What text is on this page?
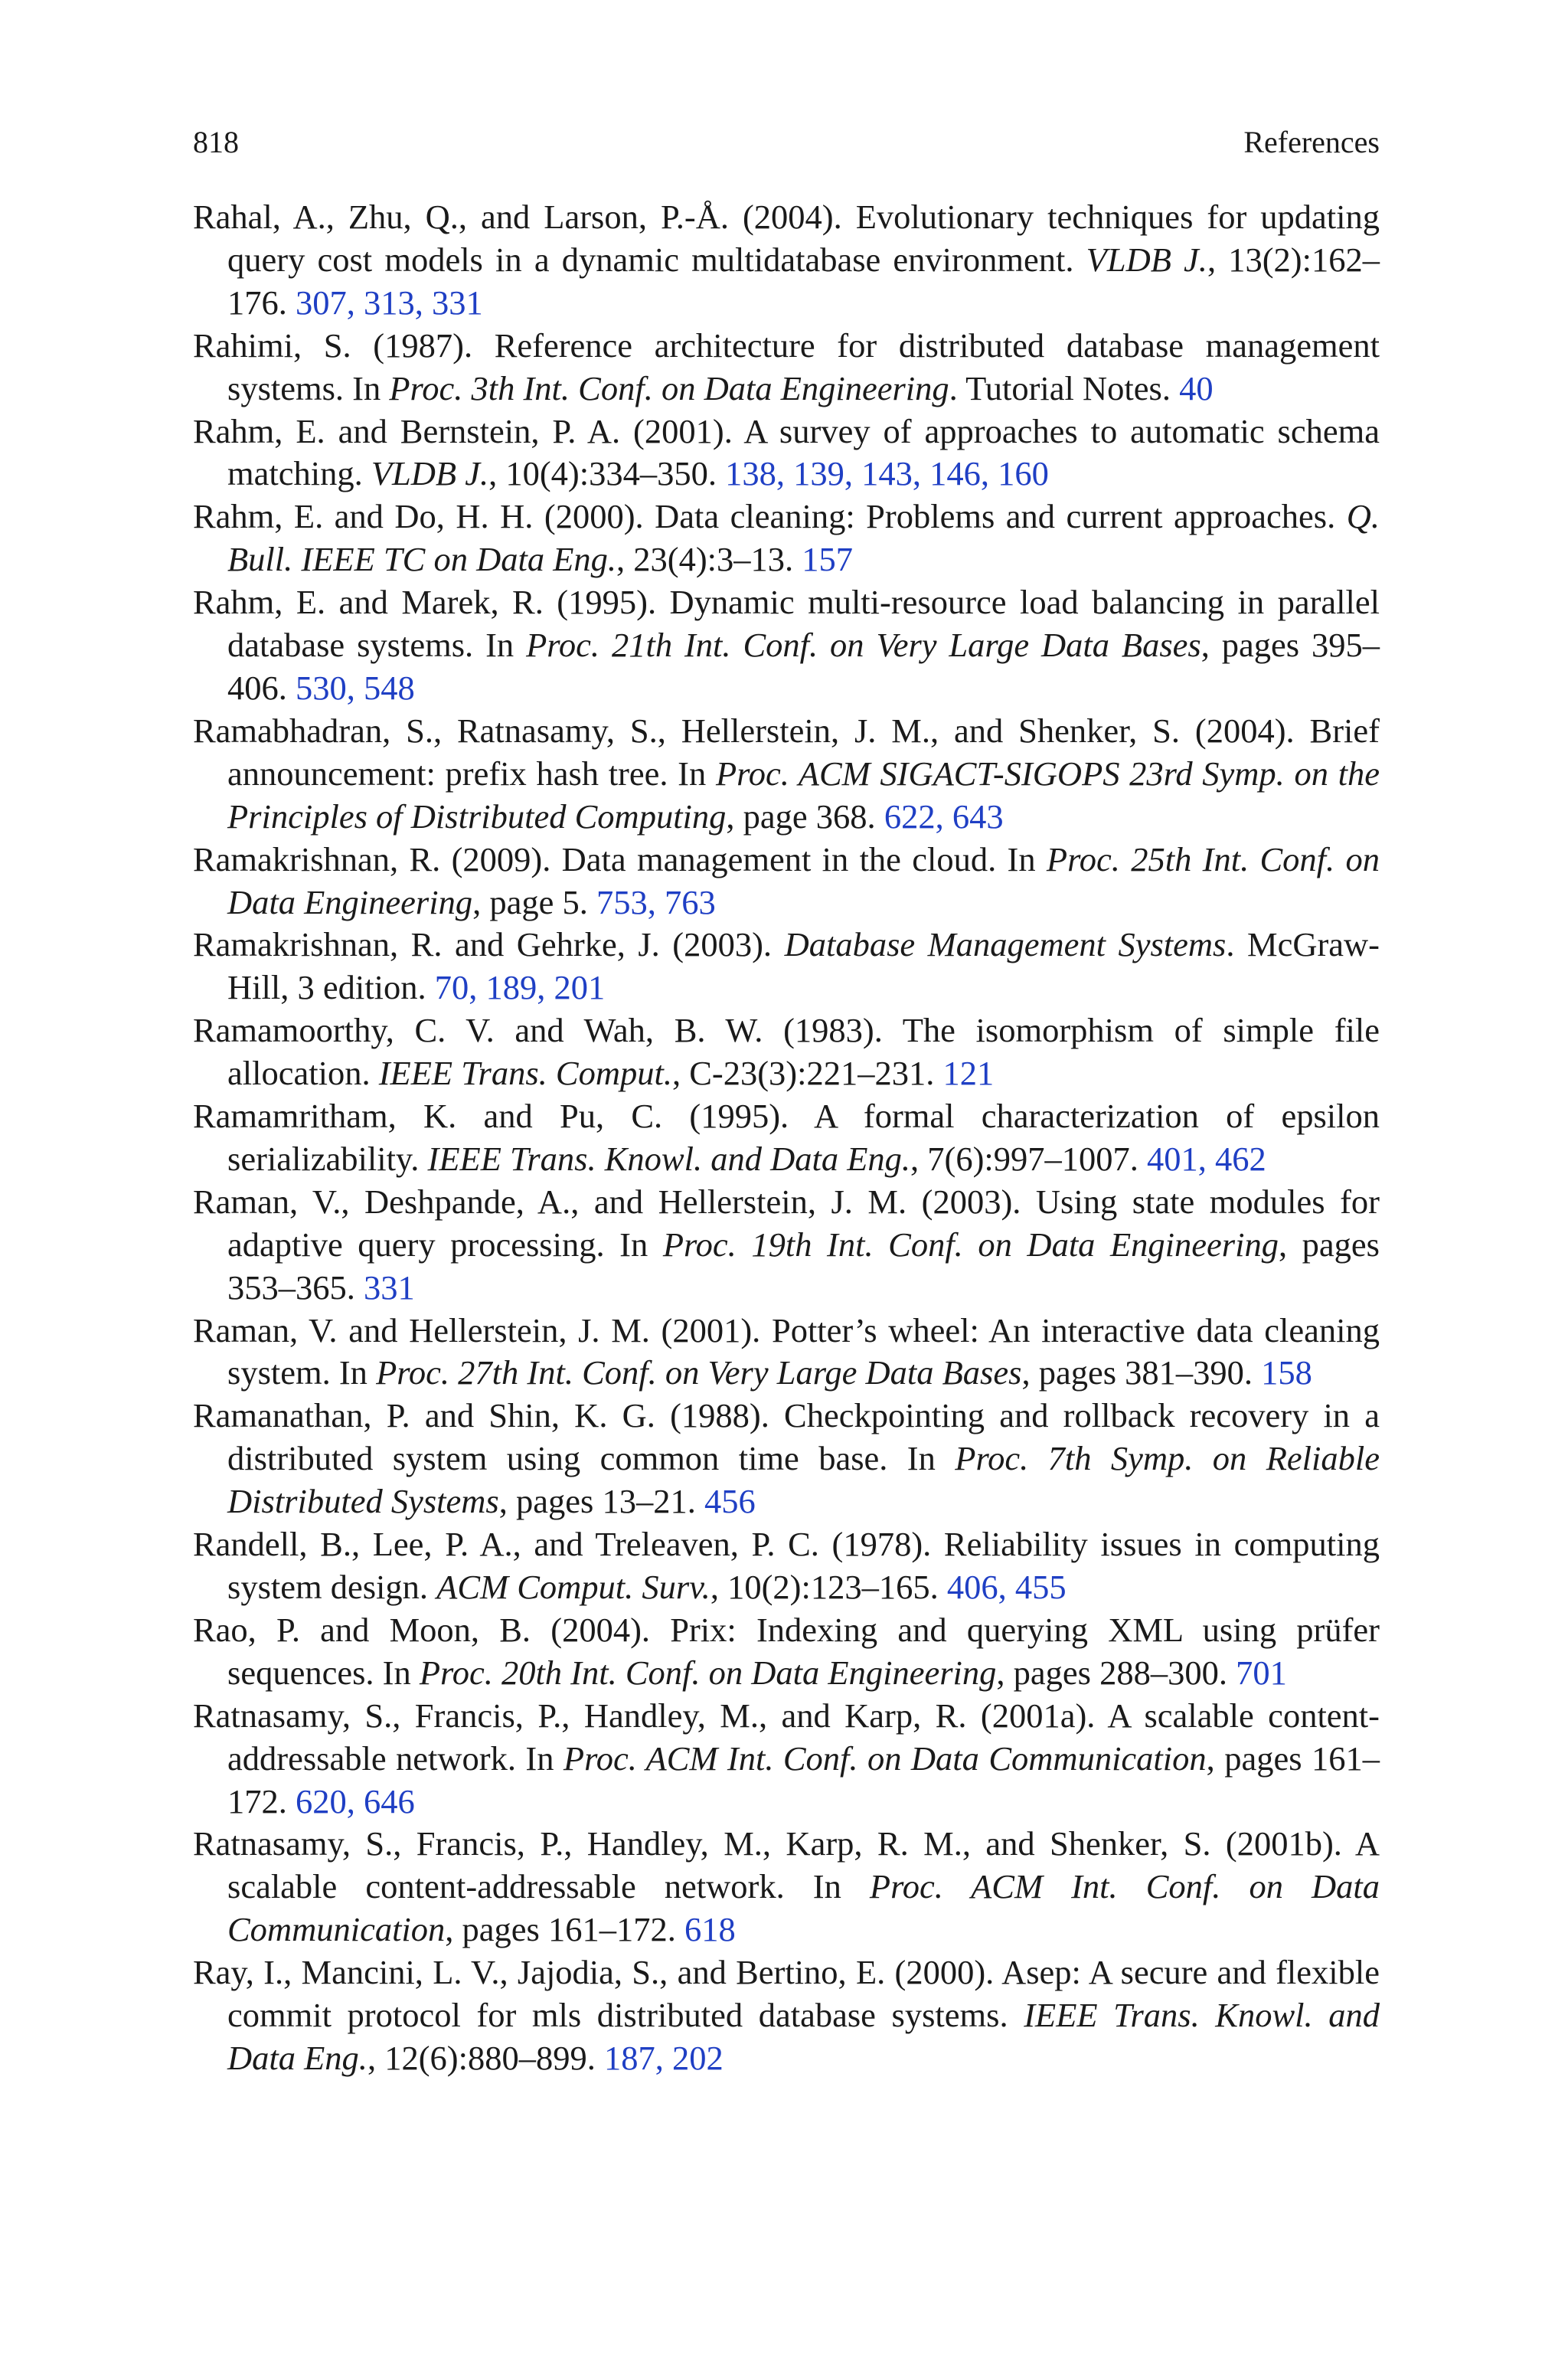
818	References

Rahal, A., Zhu, Q., and Larson, P.-Å. (2004). Evolutionary techniques for updating query cost models in a dynamic multidatabase environment. VLDB J., 13(2):162–176. 307, 313, 331

Rahimi, S. (1987). Reference architecture for distributed database management systems. In Proc. 3th Int. Conf. on Data Engineering. Tutorial Notes. 40

Rahm, E. and Bernstein, P. A. (2001). A survey of approaches to automatic schema matching. VLDB J., 10(4):334–350. 138, 139, 143, 146, 160

Rahm, E. and Do, H. H. (2000). Data cleaning: Problems and current approaches. Q. Bull. IEEE TC on Data Eng., 23(4):3–13. 157

Rahm, E. and Marek, R. (1995). Dynamic multi-resource load balancing in parallel database systems. In Proc. 21th Int. Conf. on Very Large Data Bases, pages 395–406. 530, 548

Ramabhadran, S., Ratnasamy, S., Hellerstein, J. M., and Shenker, S. (2004). Brief announcement: prefix hash tree. In Proc. ACM SIGACT-SIGOPS 23rd Symp. on the Principles of Distributed Computing, page 368. 622, 643

Ramakrishnan, R. (2009). Data management in the cloud. In Proc. 25th Int. Conf. on Data Engineering, page 5. 753, 763

Ramakrishnan, R. and Gehrke, J. (2003). Database Management Systems. McGraw-Hill, 3 edition. 70, 189, 201

Ramamoorthy, C. V. and Wah, B. W. (1983). The isomorphism of simple file allocation. IEEE Trans. Comput., C-23(3):221–231. 121

Ramamritham, K. and Pu, C. (1995). A formal characterization of epsilon serializability. IEEE Trans. Knowl. and Data Eng., 7(6):997–1007. 401, 462

Raman, V., Deshpande, A., and Hellerstein, J. M. (2003). Using state modules for adaptive query processing. In Proc. 19th Int. Conf. on Data Engineering, pages 353–365. 331

Raman, V. and Hellerstein, J. M. (2001). Potter’s wheel: An interactive data cleaning system. In Proc. 27th Int. Conf. on Very Large Data Bases, pages 381–390. 158

Ramanathan, P. and Shin, K. G. (1988). Checkpointing and rollback recovery in a distributed system using common time base. In Proc. 7th Symp. on Reliable Distributed Systems, pages 13–21. 456

Randell, B., Lee, P. A., and Treleaven, P. C. (1978). Reliability issues in computing system design. ACM Comput. Surv., 10(2):123–165. 406, 455

Rao, P. and Moon, B. (2004). Prix: Indexing and querying XML using prüfer sequences. In Proc. 20th Int. Conf. on Data Engineering, pages 288–300. 701

Ratnasamy, S., Francis, P., Handley, M., and Karp, R. (2001a). A scalable content-addressable network. In Proc. ACM Int. Conf. on Data Communication, pages 161–172. 620, 646

Ratnasamy, S., Francis, P., Handley, M., Karp, R. M., and Shenker, S. (2001b). A scalable content-addressable network. In Proc. ACM Int. Conf. on Data Communication, pages 161–172. 618

Ray, I., Mancini, L. V., Jajodia, S., and Bertino, E. (2000). Asep: A secure and flexible commit protocol for mls distributed database systems. IEEE Trans. Knowl. and Data Eng., 12(6):880–899. 187, 202
